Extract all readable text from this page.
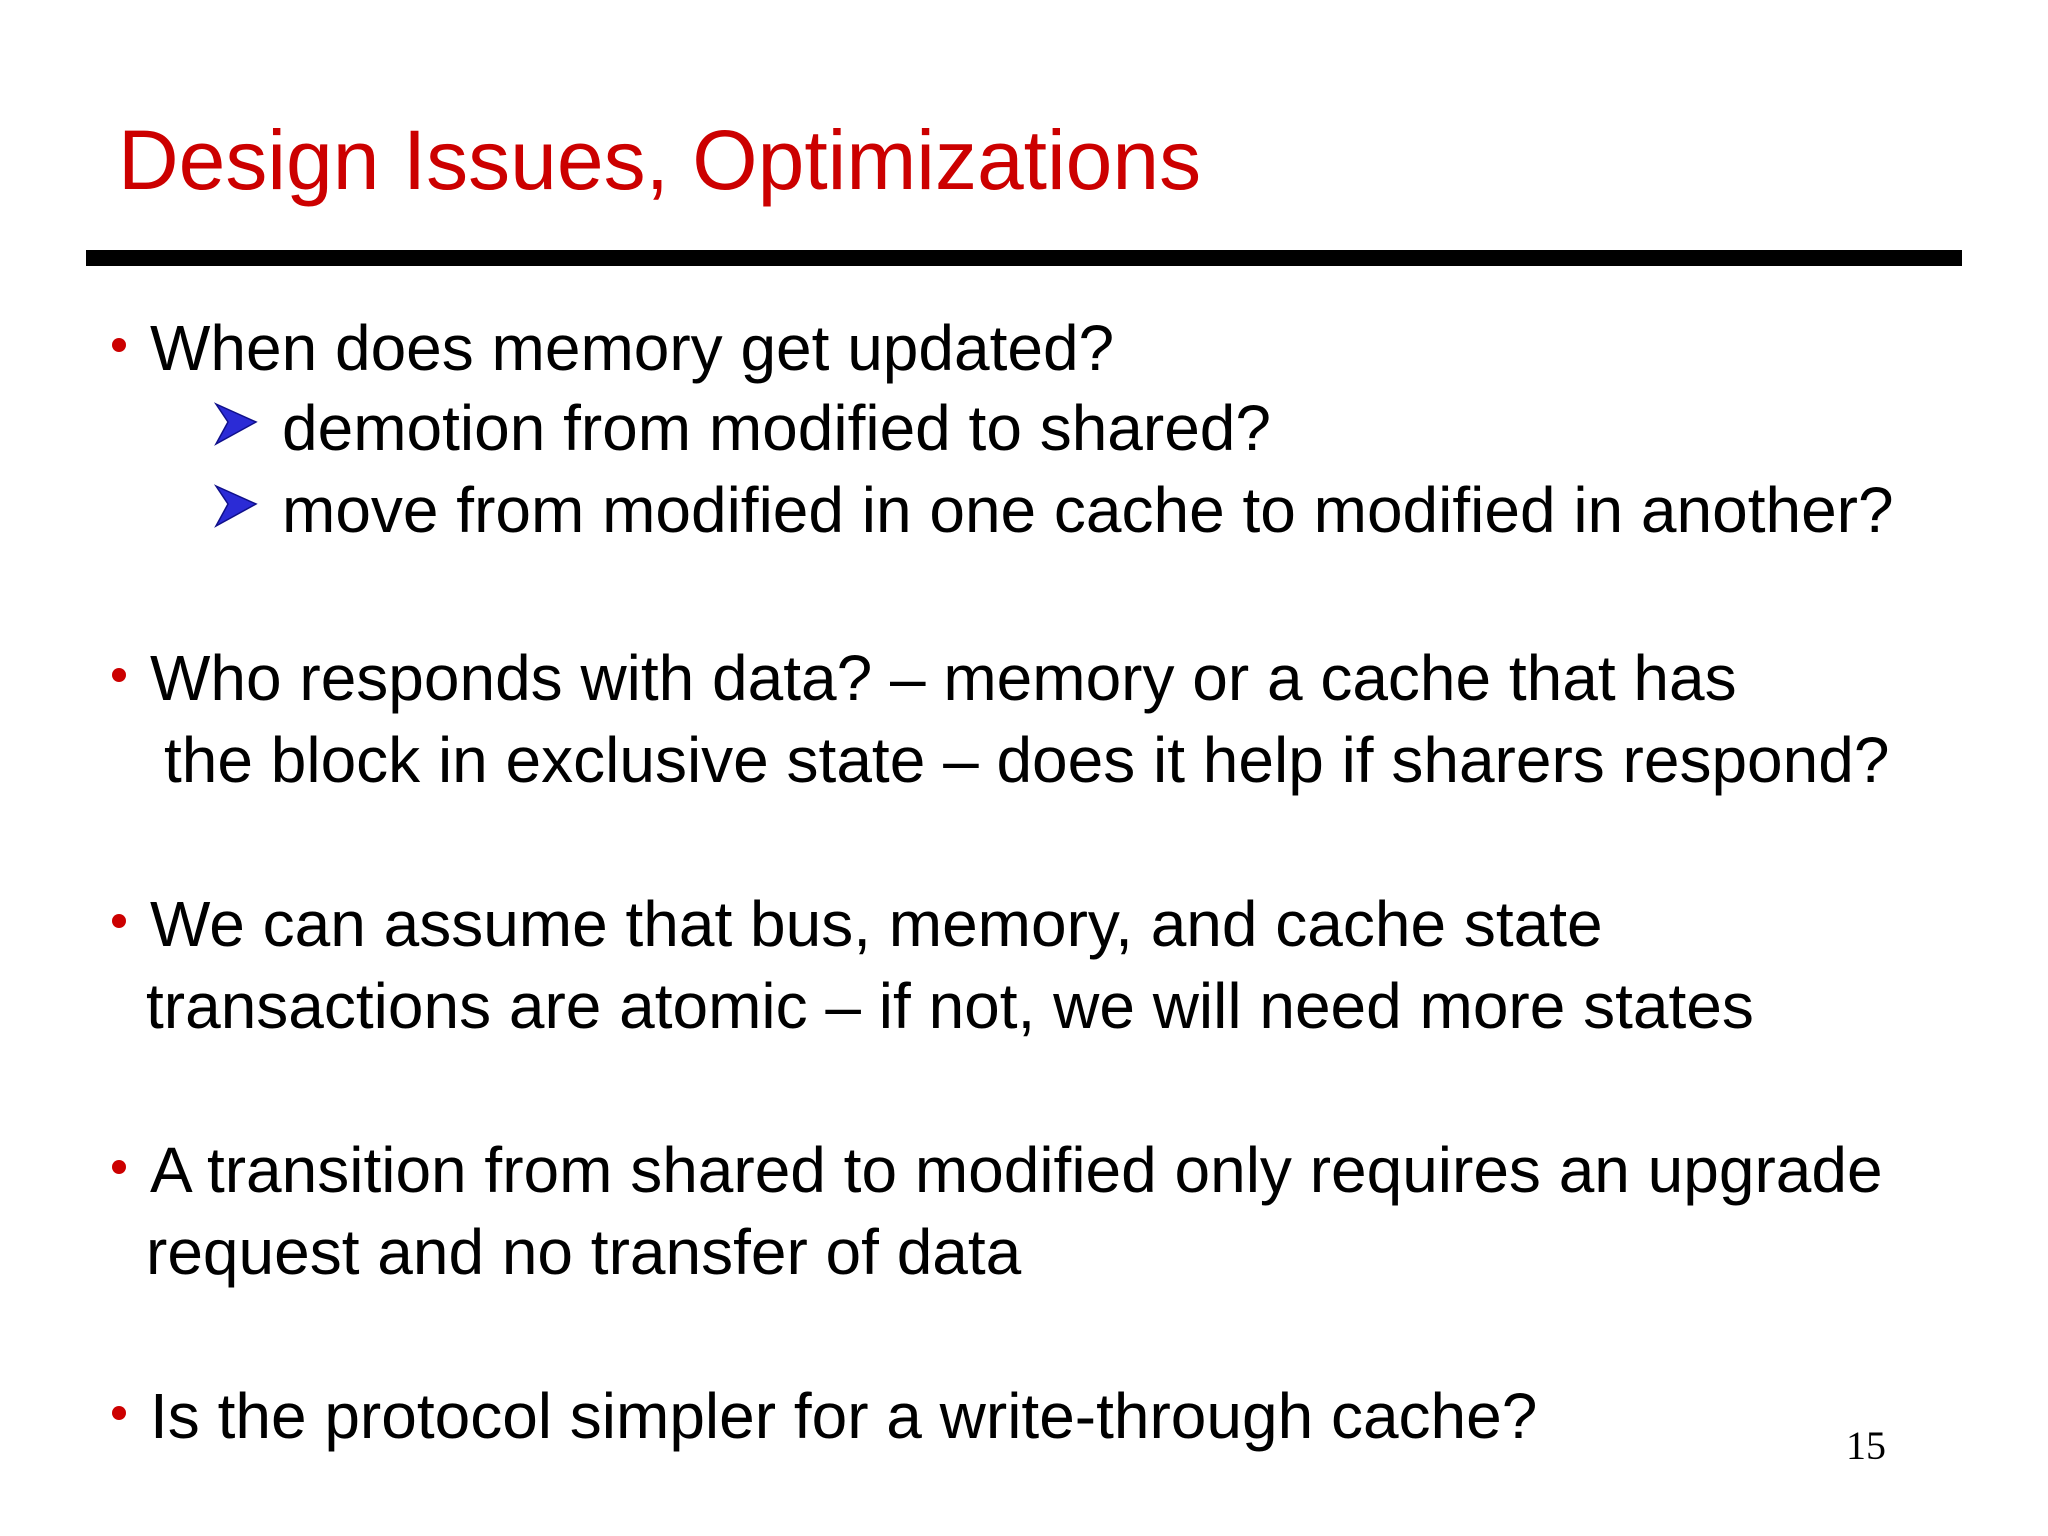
Design Issues, Optimizations
When does memory get updated?
demotion from modified to shared?
move from modified in one cache to modified in another?
Who responds with data? – memory or a cache that has
the block in exclusive state – does it help if sharers respond?
We can assume that bus, memory, and cache state
transactions are atomic – if not, we will need more states
A transition from shared to modified only requires an upgrade
request and no transfer of data
Is the protocol simpler for a write-through cache?	15
